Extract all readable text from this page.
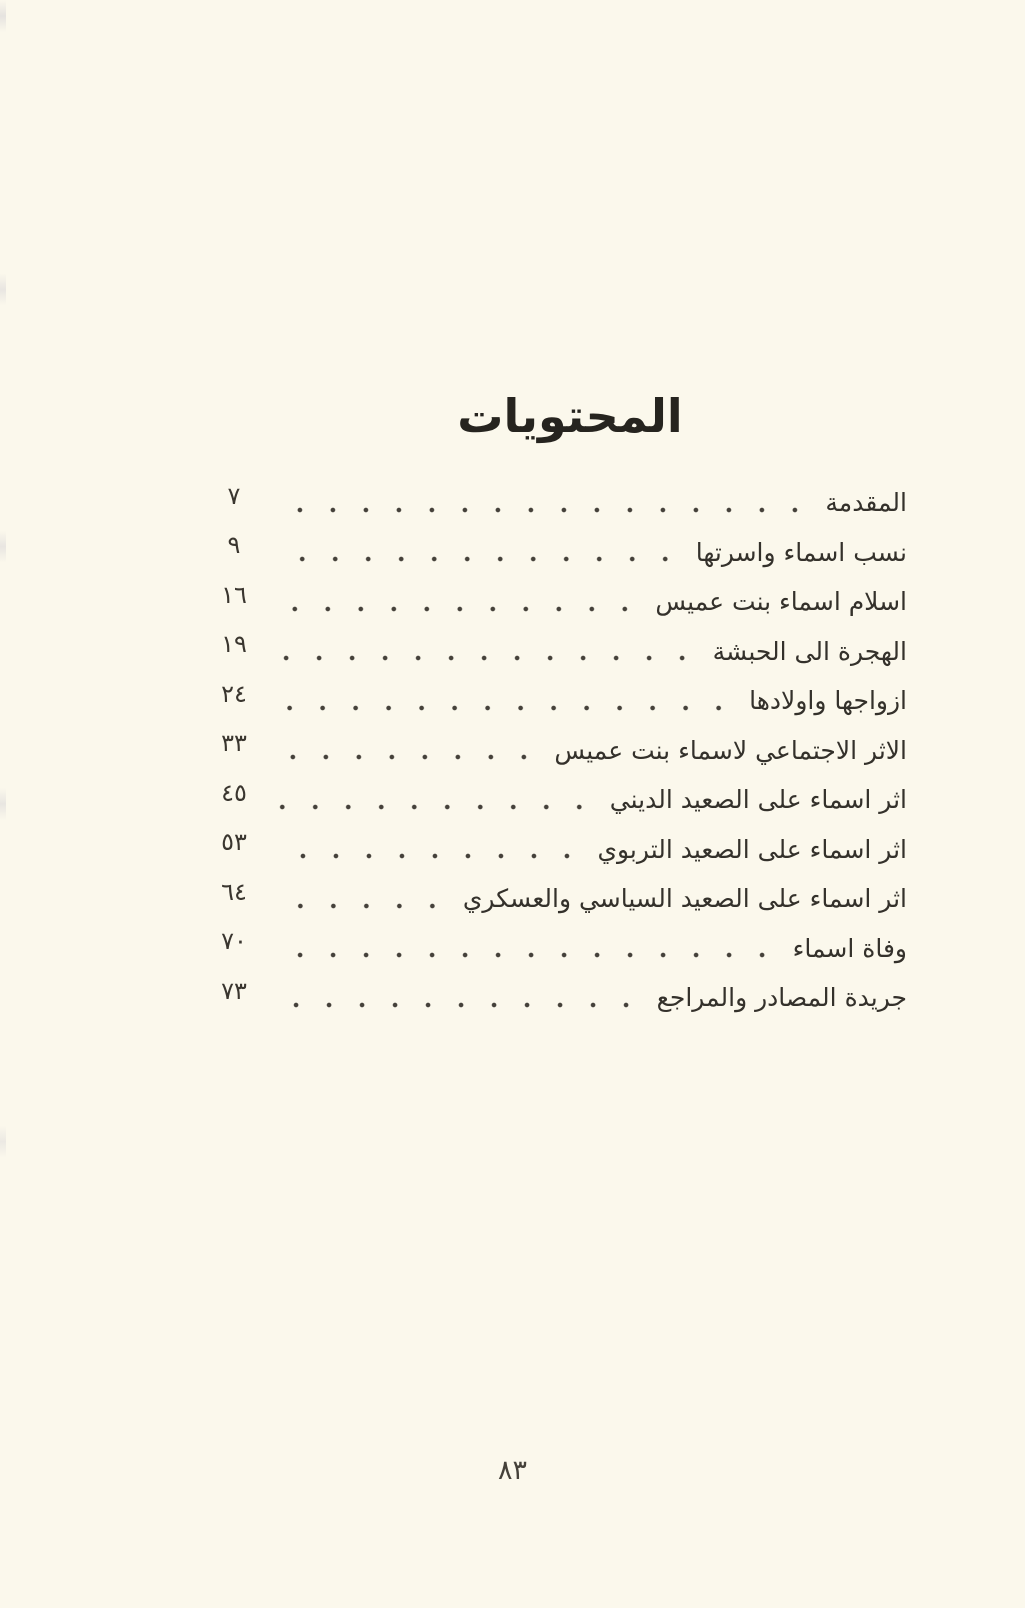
المحتويات
المقدمة
٧
نسب اسماء واسرتها
٩
اسلام اسماء بنت عميس
١٦
الهجرة الى الحبشة
١٩
ازواجها واولادها
٢٤
الاثر الاجتماعي لاسماء بنت عميس
٣٣
اثر اسماء على الصعيد الديني
٤٥
اثر اسماء على الصعيد التربوي
٥٣
اثر اسماء على الصعيد السياسي والعسكري
٦٤
وفاة اسماء
٧٠
جريدة المصادر والمراجع
٧٣
٨٣
